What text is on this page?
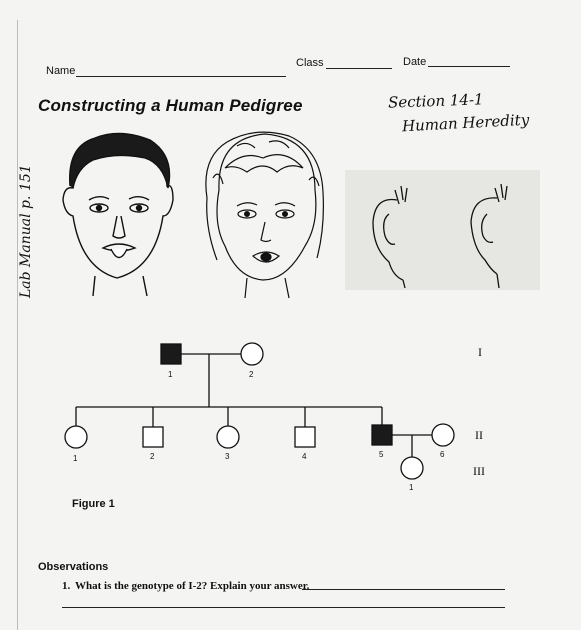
Name
Class	Date
Constructing a Human Pedigree	Section 14-1
Human Heredity
Lab Manual p. 151
1	2
1	2	3	4	5	6
1
I
II
III
Figure 1
Observations
1. What is the genotype of I-2? Explain your answer.
